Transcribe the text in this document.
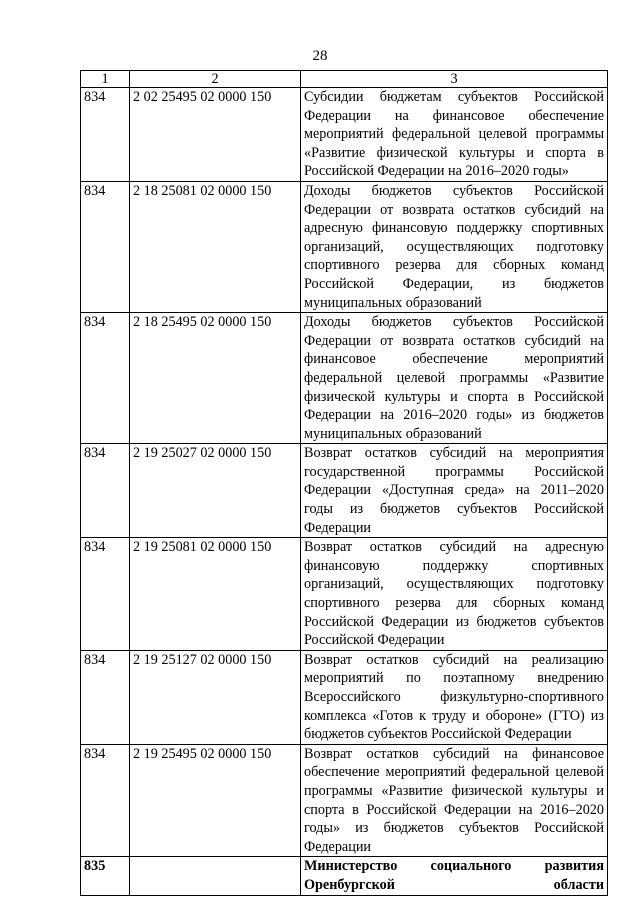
28
1	2	3
834	2 02 25495 02 0000 150	Субсидии бюджетам субъектов Российской Федерации на финансовое обеспечение мероприятий федеральной целевой программы «Развитие физической культуры и спорта в Российской Федерации на 2016–2020 годы»
834	2 18 25081 02 0000 150	Доходы бюджетов субъектов Российской Федерации от возврата остатков субсидий на адресную финансовую поддержку спортивных организаций, осуществляющих подготовку спортивного резерва для сборных команд Российской Федерации, из бюджетов муниципальных образований
834	2 18 25495 02 0000 150	Доходы бюджетов субъектов Российской Федерации от возврата остатков субсидий на финансовое обеспечение мероприятий федеральной целевой программы «Развитие физической культуры и спорта в Российской Федерации на 2016–2020 годы» из бюджетов муниципальных образований
834	2 19 25027 02 0000 150	Возврат остатков субсидий на мероприятия государственной программы Российской Федерации «Доступная среда» на 2011–2020 годы из бюджетов субъектов Российской Федерации
834	2 19 25081 02 0000 150	Возврат остатков субсидий на адресную финансовую поддержку спортивных организаций, осуществляющих подготовку спортивного резерва для сборных команд Российской Федерации из бюджетов субъектов Российской Федерации
834	2 19 25127 02 0000 150	Возврат остатков субсидий на реализацию мероприятий по поэтапному внедрению Всероссийского физкультурно-спортивного комплекса «Готов к труду и обороне» (ГТО) из бюджетов субъектов Российской Федерации
834	2 19 25495 02 0000 150	Возврат остатков субсидий на финансовое обеспечение мероприятий федеральной целевой программы «Развитие физической культуры и спорта в Российской Федерации на 2016–2020 годы» из бюджетов субъектов Российской Федерации
835		Министерство социального развития
Оренбургской области
